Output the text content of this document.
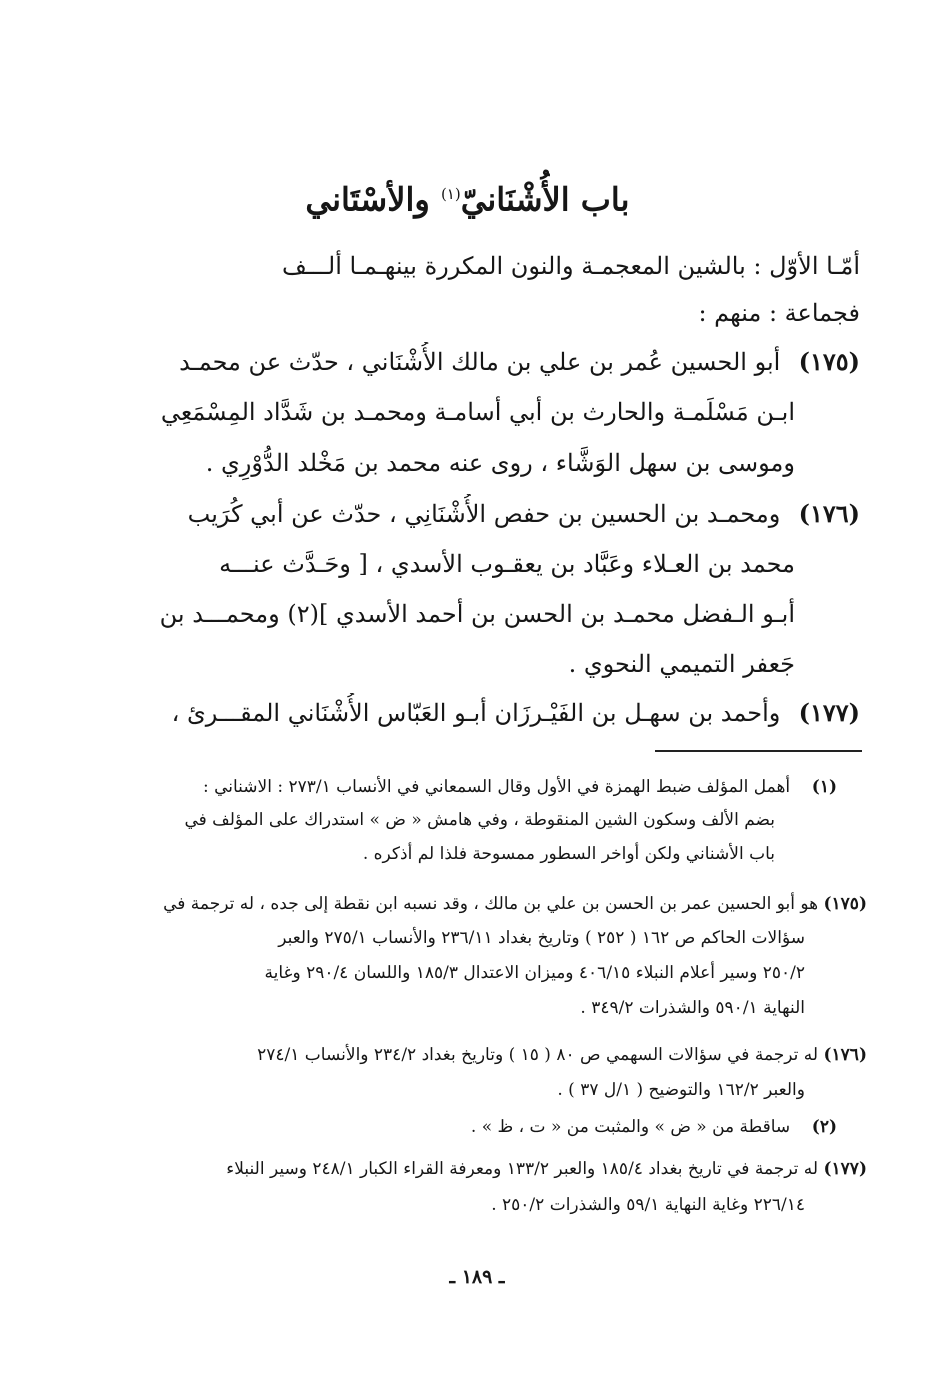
باب الأُشْنَانيّ$^{(١)}$ والأسْتَاني
أمّـا الأوّل : بالشين المعجمـة والنون المكررة بينهـمـا ألـــف
فجماعة : منهم :
(١٧٥) أبو الحسين عُمر بن علي بن مالك الأُشْنَاني ، حدّث عن محمـد
ابـن مَسْلَمـة والحارث بن أبي أسامـة ومحمـد بن شَدَّاد المِسْمَعِي
وموسى بن سهل الوَشَّاء ، روى عنه محمد بن مَخْلد الدُّوْرِي .
(١٧٦) ومحمـد بن الحسين بن حفص الأُشْنَانِي ، حدّث عن أبي كُرَيب
محمد بن العـلاء وعَبَّاد بن يعقـوب الأسدي ، [ وحَـدَّث عنـــه
أبـو الـفضل محمـد بن الحسن بن أحمد الأسدي ](٢) ومحمـــد بن
جَعفر التميمي النحوي .
(١٧٧) وأحمد بن سهـل بن الفَيْـرزَان أبـو العَبّاس الأُشْنَاني المقـــرئ ،
(١)    أهمل المؤلف ضبط الهمزة في الأول وقال السمعاني في الأنساب ٢٧٣/١ : الاشناني :
بضم الألف وسكون الشين المنقوطة ، وفي هامش « ض » استدراك على المؤلف في
باب الأشناني ولكن أواخر السطور ممسوحة فلذا لم أذكره .
(١٧٥) هو أبو الحسين عمر بن الحسن بن علي بن مالك ، وقد نسبه ابن نقطة إلى جده ، له ترجمة في
سؤالات الحاكم ص ١٦٢ ( ٢٥٢ ) وتاريخ بغداد ٢٣٦/١١ والأنساب ٢٧٥/١ والعبر
٢٥٠/٢ وسير أعلام النبلاء ٤٠٦/١٥ وميزان الاعتدال ١٨٥/٣ واللسان ٢٩٠/٤ وغاية
النهاية ٥٩٠/١ والشذرات ٣٤٩/٢ .
(١٧٦) له ترجمة في سؤالات السهمي ص ٨٠ ( ١٥ ) وتاريخ بغداد ٢٣٤/٢ والأنساب ٢٧٤/١
والعبر ١٦٢/٢ والتوضيح ( ١/ل ٣٧ ) .
(٢)    ساقطة من « ض » والمثبت من « ت ، ظ » .
(١٧٧) له ترجمة في تاريخ بغداد ١٨٥/٤ والعبر ١٣٣/٢ ومعرفة القراء الكبار ٢٤٨/١ وسير النبلاء
٢٢٦/١٤ وغاية النهاية ٥٩/١ والشذرات ٢٥٠/٢ .
ـ ١٨٩ ـ
